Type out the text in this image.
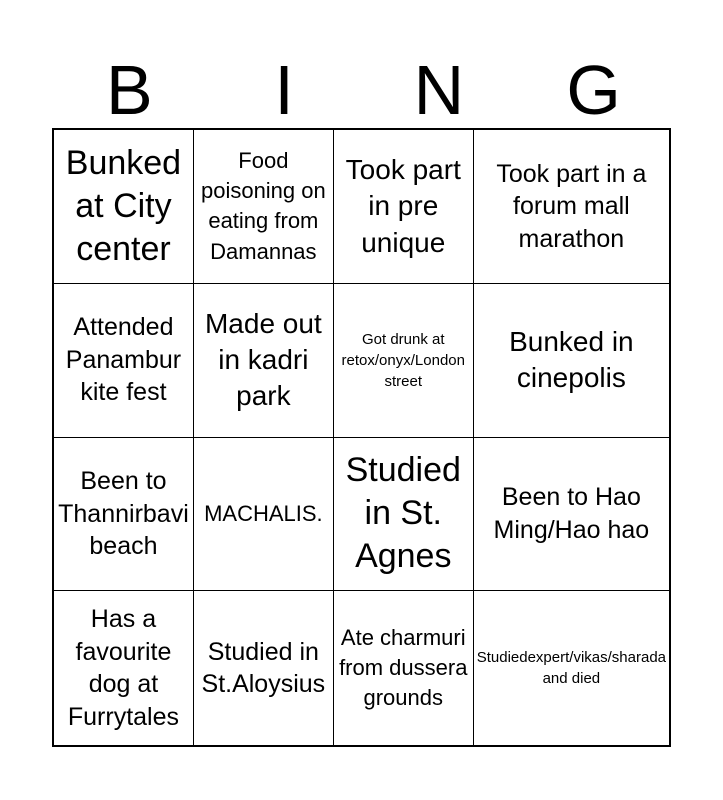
B	I	N	G
Bunked at City center
Food poisoning on eating from Damannas
Took part in pre unique
Took part in a forum mall marathon
Attended Panambur kite fest
Made out in kadri park
Got drunk at retox/onyx/London street
Bunked in cinepolis
Been to Thannirbavi beach
MACHALIS.
Studied in St. Agnes
Been to Hao Ming/Hao hao
Has a favourite dog at Furrytales
Studied in St.Aloysius
Ate charmuri from dussera grounds
Studiedexpert/vikas/sharada and died
